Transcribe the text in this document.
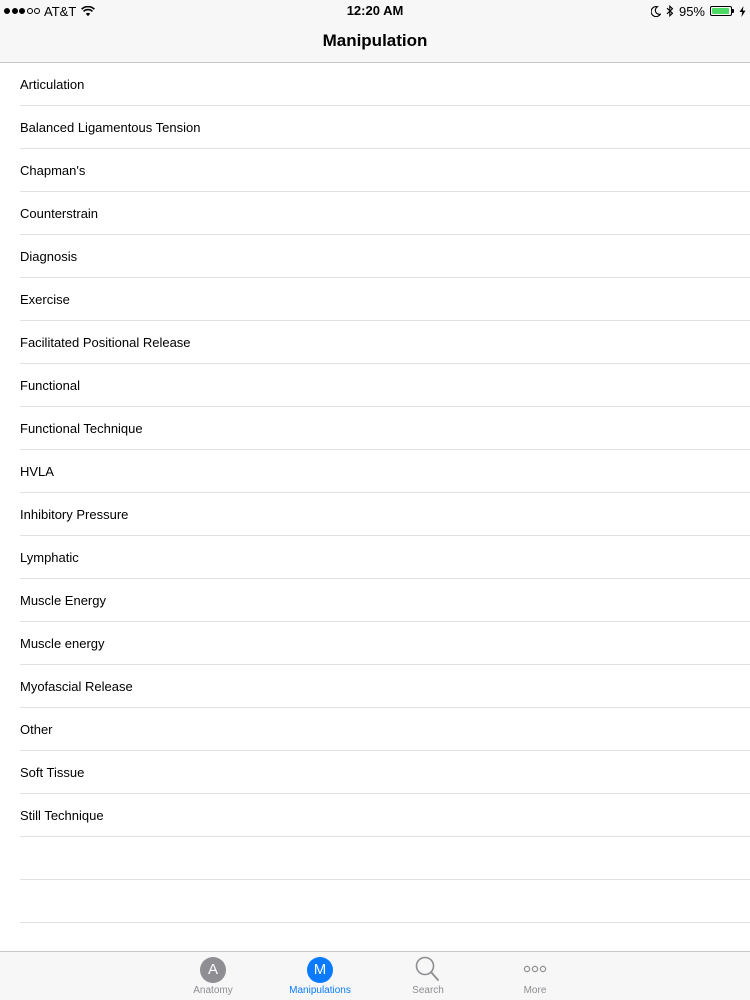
AT&T	12:20 AM	95%
Manipulation
Articulation
Balanced Ligamentous Tension
Chapman's
Counterstrain
Diagnosis
Exercise
Facilitated Positional Release
Functional
Functional Technique
HVLA
Inhibitory Pressure
Lymphatic
Muscle Energy
Muscle energy
Myofascial Release
Other
Soft Tissue
Still Technique
A
Anatomy
M
Manipulations	Search	More
